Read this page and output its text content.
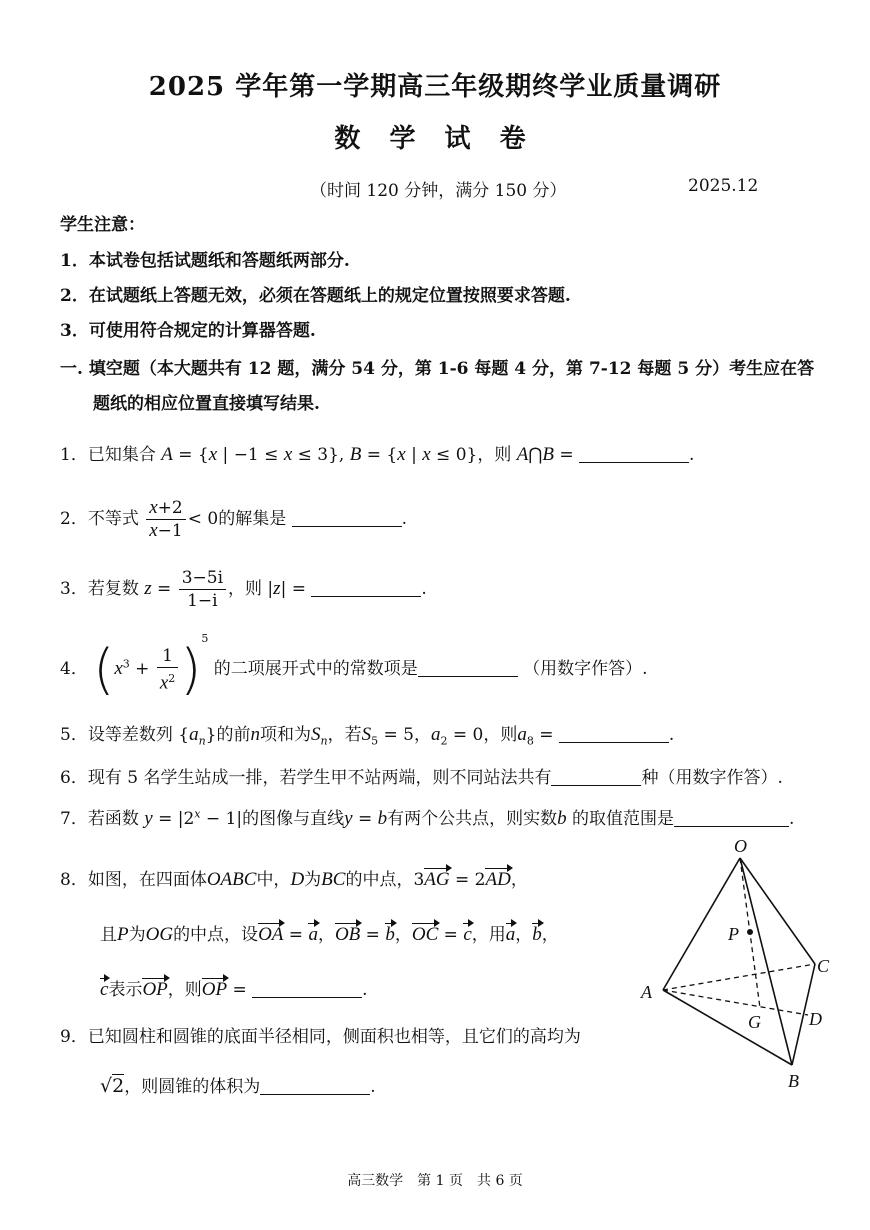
2025 学年第一学期高三年级期终学业质量调研
数 学 试 卷
（时间 120 分钟，满分 150 分）	2025.12
学生注意：
1．本试卷包括试题纸和答题纸两部分.
2．在试题纸上答题无效，必须在答题纸上的规定位置按照要求答题.
3．可使用符合规定的计算器答题.
一. 填空题（本大题共有 12 题，满分 54 分，第 1-6 每题 4 分，第 7-12 每题 5 分）考生应在答
题纸的相应位置直接填写结果.
1．已知集合 A = {x | −1 ≤ x ≤ 3}, B = {x | x ≤ 0}，则 A⋂B =	.
2．不等式 $\frac{x+2}{x-1} < 0$的解集是	.
3．若复数 $z = \frac{3-5i}{1-i}$ ，则 |z| =	.
4． $(x^3 + \frac{1}{x^2} )^5$ 的二项展开式中的常数项是	（用数字作答）.
5．设等差数列 $\{a_n\}$的前n项和为$S_n$，若$S_5 = 5$，$a_2 = 0$，则$a_8$ =	.
6．现有 5 名学生站成一排，若学生甲不站两端，则不同站法共有	种（用数字作答）.
7．若函数 $y = |2^x - 1|$的图像与直线y = b有两个公共点，则实数b 的取值范围是	.
8．如图，在四面体OABC中，D为BC的中点，3AG = 2AD，
且P为OG的中点，设OA = a，OB = b，OC = c，用a，b，
c表示OP，则OP =	.
9．已知圆柱和圆锥的底面半径相同，侧面积也相等，且它们的高均为
√2，则圆锥的体积为	.
O
P
A
C
G	D
B
高三数学　第 1 页　共 6 页
